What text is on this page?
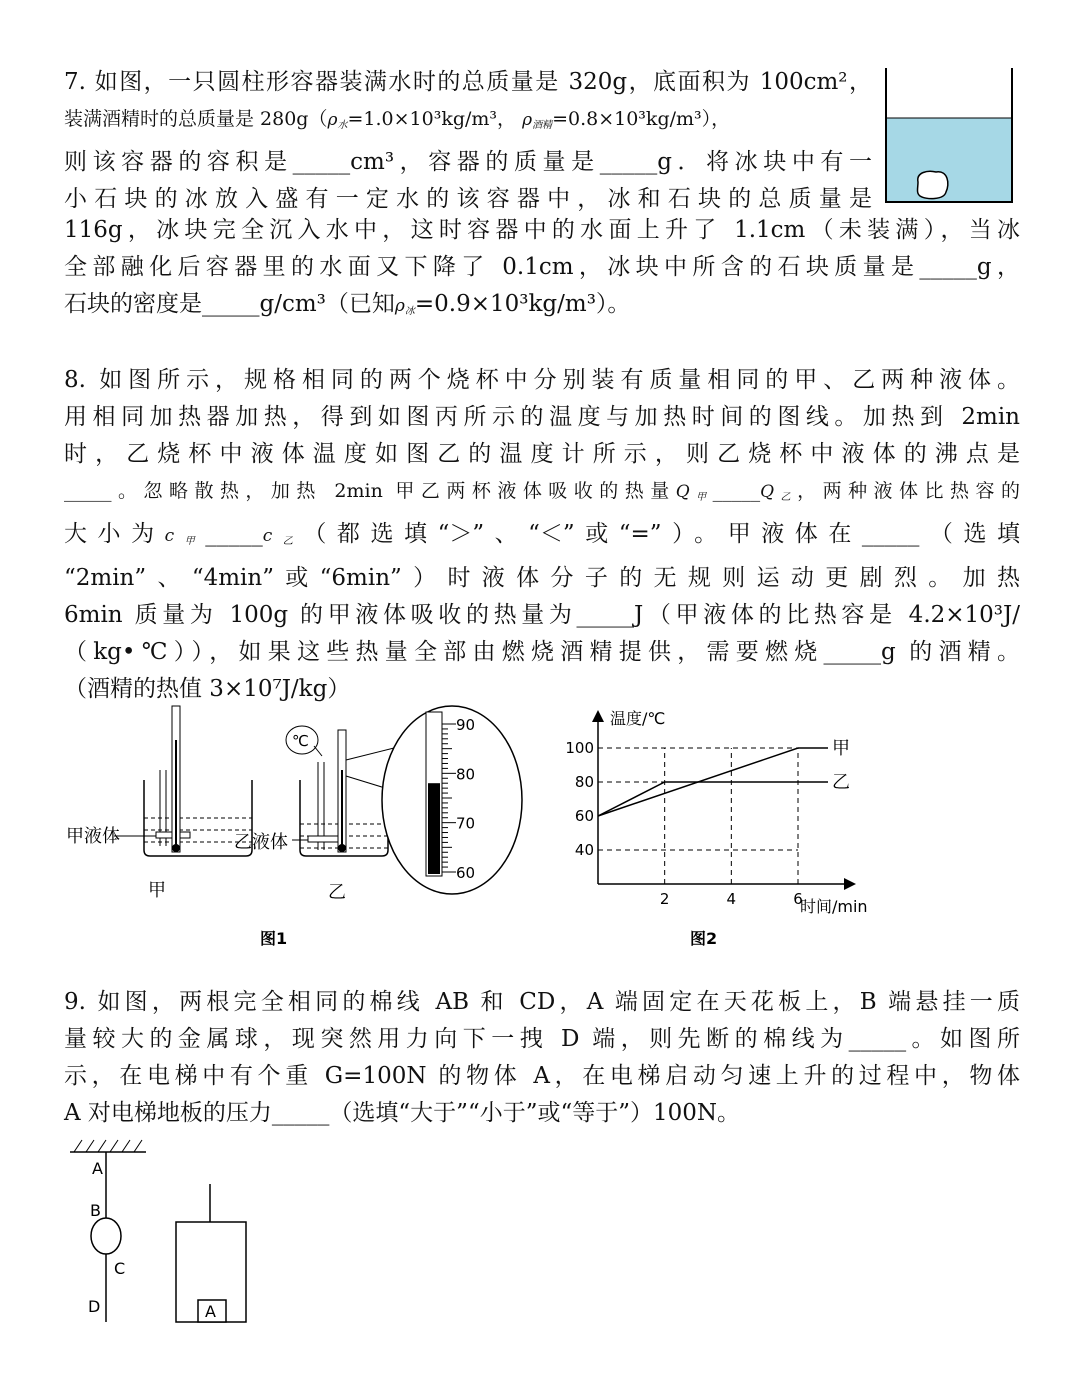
7. 如图，一只圆柱形容器装满水时的总质量是 320g，底面积为 100cm²，
装满酒精时的总质量是 $280g(\rho_水=1.0\times 10^3kg/m^3$， $\rho_{酒精}=0.8\times 10^3kg/m^3$），
则该容器的容积是_____cm³，容器的质量是_____g．将冰块中有一
小石块的冰放入盛有一定水的该容器中，冰和石块的总质量是
116g，冰块完全沉入水中，这时容器中的水面上升了 1.1cm（未装满），当冰
全部融化后容器里的水面又下降了 0.1cm，冰块中所含的石块质量是_____g，
石块的密度是_____g/cm³（已知$\rho_冰=0.9\times 10^3kg/m^3$）。
8. 如图所示，规格相同的两个烧杯中分别装有质量相同的甲、乙两种液体。
用相同加热器加热，得到如图丙所示的温度与加热时间的图线。加热到 2min
时，乙烧杯中液体温度如图乙的温度计所示，则乙烧杯中液体的沸点是
_____。忽略散热，加热 2min 甲乙两杯液体吸收的热量$Q_甲\_\_\_\_\_Q_乙$，两种液体比热容的
大小为$c_甲\_\_\_\_\_c_乙$（都选填“＞”、“＜”或“=”）。甲液体在_____（选填
“2min”、“4min”或“6min”）时液体分子的无规则运动更剧烈。加热
6min 质量为 100g 的甲液体吸收的热量为_____J（甲液体的比热容是 4.2×10³J/
（kg•℃）），如果这些热量全部由燃烧酒精提供，需要燃烧_____g 的酒精。
（酒精的热值 3×10⁷J/kg）
甲液体
甲
℃
乙液体
乙
90
80
70
60
图1
温度/℃
时间/min
2	4	6
40
60
80
100	甲
乙
图2
9. 如图，两根完全相同的棉线 AB 和 CD，A 端固定在天花板上，B 端悬挂一质
量较大的金属球，现突然用力向下一拽 D 端，则先断的棉线为_____。如图所
示，在电梯中有个重 G=100N 的物体 A，在电梯启动匀速上升的过程中，物体
A 对电梯地板的压力_____（选填“大于”“小于”或“等于”）100N。
A
B
C
D	A
